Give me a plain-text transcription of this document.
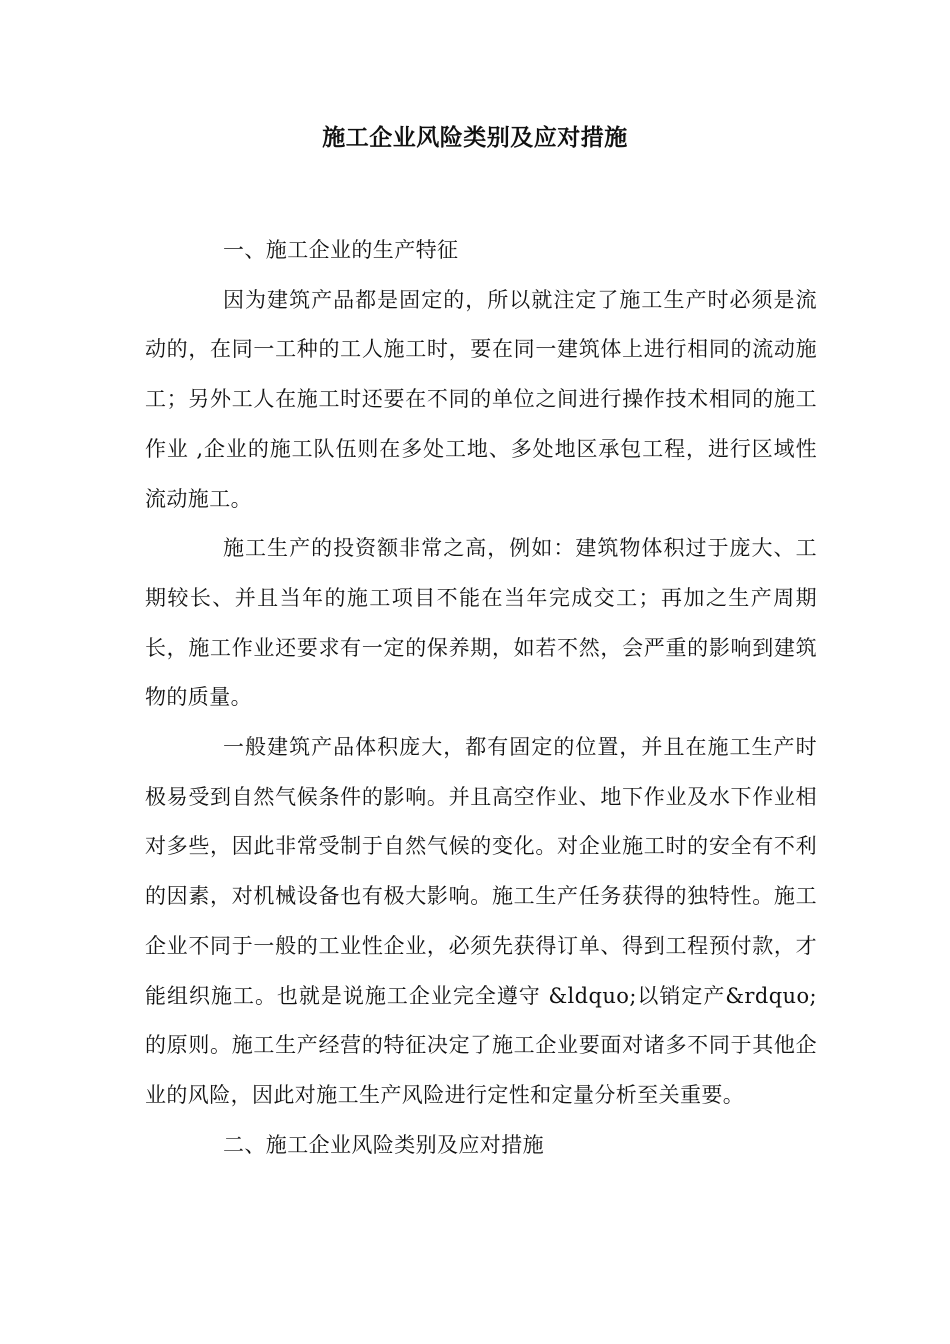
施工企业风险类别及应对措施

一、施工企业的生产特征

因为建筑产品都是固定的，所以就注定了施工生产时必须是流动的，在同一工种的工人施工时，要在同一建筑体上进行相同的流动施工；另外工人在施工时还要在不同的单位之间进行操作技术相同的施工作业 ,企业的施工队伍则在多处工地、多处地区承包工程，进行区域性流动施工。

施工生产的投资额非常之高，例如：建筑物体积过于庞大、工期较长、并且当年的施工项目不能在当年完成交工；再加之生产周期长，施工作业还要求有一定的保养期，如若不然，会严重的影响到建筑物的质量。

一般建筑产品体积庞大，都有固定的位置，并且在施工生产时极易受到自然气候条件的影响。并且高空作业、地下作业及水下作业相对多些，因此非常受制于自然气候的变化。对企业施工时的安全有不利的因素，对机械设备也有极大影响。施工生产任务获得的独特性。施工企业不同于一般的工业性企业，必须先获得订单、得到工程预付款，才能组织施工。也就是说施工企业完全遵守 &ldquo;以销定产&rdquo;的原则。施工生产经营的特征决定了施工企业要面对诸多不同于其他企业的风险，因此对施工生产风险进行定性和定量分析至关重要。

二、施工企业风险类别及应对措施
